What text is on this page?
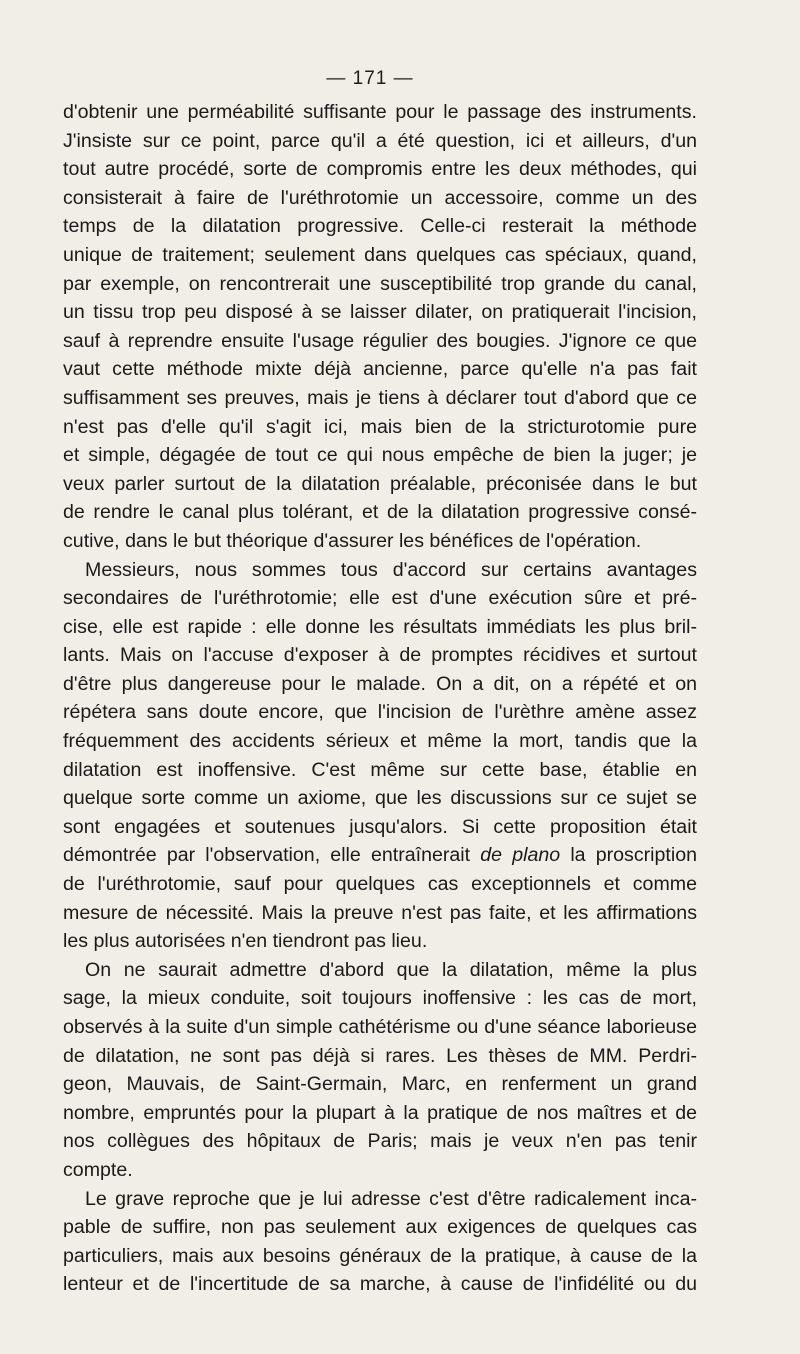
— 171 —
d'obtenir une perméabilité suffisante pour le passage des instruments.
J'insiste sur ce point, parce qu'il a été question, ici et ailleurs, d'un
tout autre procédé, sorte de compromis entre les deux méthodes, qui
consisterait à faire de l'uréthrotomie un accessoire, comme un des
temps de la dilatation progressive. Celle-ci resterait la méthode
unique de traitement; seulement dans quelques cas spéciaux, quand,
par exemple, on rencontrerait une susceptibilité trop grande du canal,
un tissu trop peu disposé à se laisser dilater, on pratiquerait l'incision,
sauf à reprendre ensuite l'usage régulier des bougies. J'ignore ce que
vaut cette méthode mixte déjà ancienne, parce qu'elle n'a pas fait
suffisamment ses preuves, mais je tiens à déclarer tout d'abord que ce
n'est pas d'elle qu'il s'agit ici, mais bien de la stricturotomie pure
et simple, dégagée de tout ce qui nous empêche de bien la juger; je
veux parler surtout de la dilatation préalable, préconisée dans le but
de rendre le canal plus tolérant, et de la dilatation progressive consé-
cutive, dans le but théorique d'assurer les bénéfices de l'opération.
Messieurs, nous sommes tous d'accord sur certains avantages
secondaires de l'uréthrotomie; elle est d'une exécution sûre et pré-
cise, elle est rapide : elle donne les résultats immédiats les plus bril-
lants. Mais on l'accuse d'exposer à de promptes récidives et surtout
d'être plus dangereuse pour le malade. On a dit, on a répété et on
répétera sans doute encore, que l'incision de l'urèthre amène assez
fréquemment des accidents sérieux et même la mort, tandis que la
dilatation est inoffensive. C'est même sur cette base, établie en
quelque sorte comme un axiome, que les discussions sur ce sujet se
sont engagées et soutenues jusqu'alors. Si cette proposition était
démontrée par l'observation, elle entraînerait de plano la proscription
de l'uréthrotomie, sauf pour quelques cas exceptionnels et comme
mesure de nécessité. Mais la preuve n'est pas faite, et les affirmations
les plus autorisées n'en tiendront pas lieu.
On ne saurait admettre d'abord que la dilatation, même la plus
sage, la mieux conduite, soit toujours inoffensive : les cas de mort,
observés à la suite d'un simple cathétérisme ou d'une séance laborieuse
de dilatation, ne sont pas déjà si rares. Les thèses de MM. Perdri-
geon, Mauvais, de Saint-Germain, Marc, en renferment un grand
nombre, empruntés pour la plupart à la pratique de nos maîtres et de
nos collègues des hôpitaux de Paris; mais je veux n'en pas tenir
compte.
Le grave reproche que je lui adresse c'est d'être radicalement inca-
pable de suffire, non pas seulement aux exigences de quelques cas
particuliers, mais aux besoins généraux de la pratique, à cause de la
lenteur et de l'incertitude de sa marche, à cause de l'infidélité ou du
